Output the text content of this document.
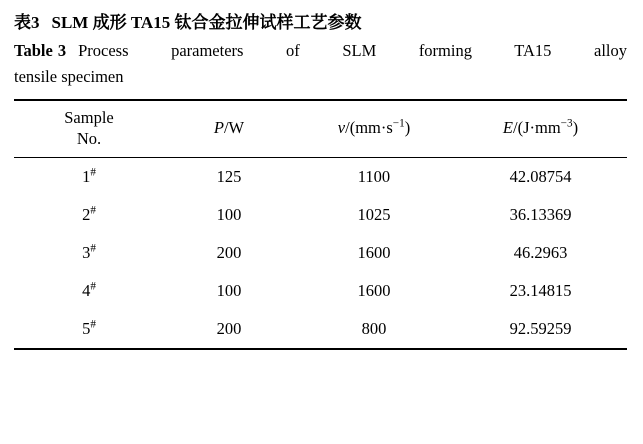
表3 SLM 成形 TA15 钛合金拉伸试样工艺参数
Table 3 Process	parameters	of	SLM	forming	TA15	alloy
tensile specimen
Sample
No.	P/W	$v/(mm\cdot s^{-1})$	$E/(J\cdot mm^{-3})$
1#	125	1100	42.08754
2#	100	1025	36.13369
3#	200	1600	46.2963
4#	100	1600	23.14815
5#	200	800	92.59259
